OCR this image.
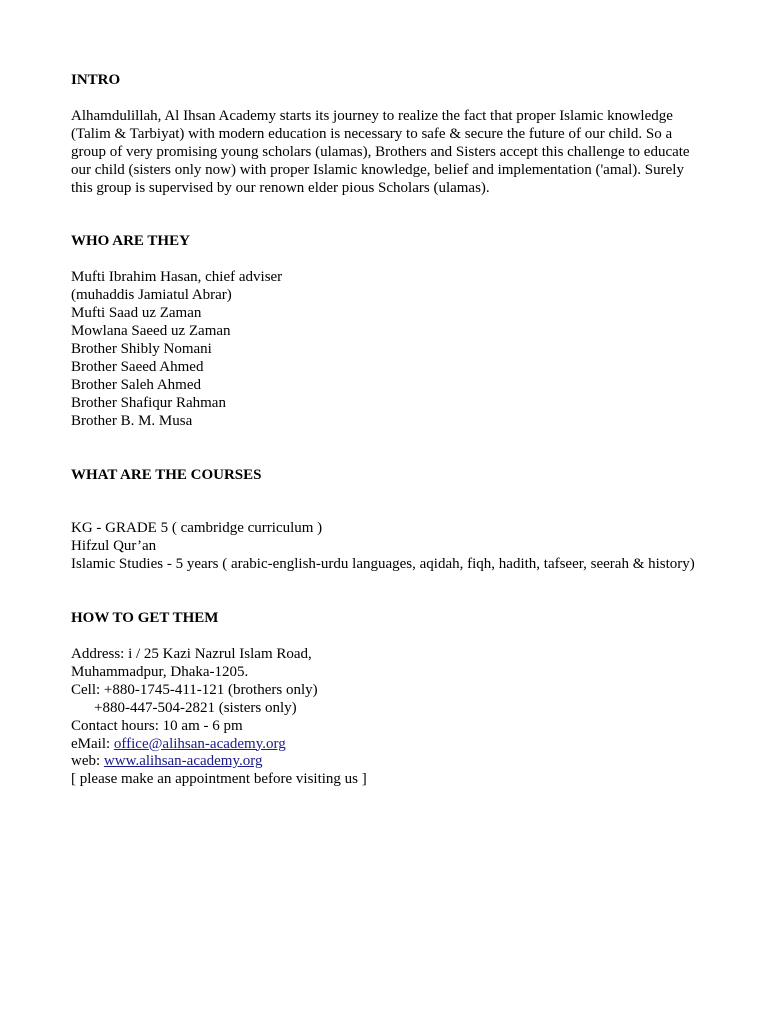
INTRO

Alhamdulillah, Al Ihsan Academy starts its journey to realize the fact that proper Islamic knowledge (Talim & Tarbiyat) with modern education is necessary to safe & secure the future of our child. So a group of very promising young scholars (ulamas), Brothers and Sisters accept this challenge to educate our child (sisters only now) with proper Islamic knowledge, belief and implementation ('amal). Surely this group is supervised by our renown elder pious Scholars (ulamas).

WHO ARE THEY

Mufti Ibrahim Hasan, chief adviser
(muhaddis Jamiatul Abrar)
Mufti Saad uz Zaman
Mowlana Saeed uz Zaman
Brother Shibly Nomani
Brother Saeed Ahmed
Brother Saleh Ahmed
Brother Shafiqur Rahman
Brother B. M. Musa

WHAT ARE THE COURSES

KG - GRADE 5 ( cambridge curriculum )
Hifzul Qur’an
Islamic Studies - 5 years ( arabic-english-urdu languages, aqidah, fiqh, hadith, tafseer, seerah & history)

HOW TO GET THEM

Address: i / 25 Kazi Nazrul Islam Road,
Muhammadpur, Dhaka-1205.
Cell: +880-1745-411-121 (brothers only)
+880-447-504-2821 (sisters only)
Contact hours: 10 am - 6 pm
eMail: office@alihsan-academy.org
web: www.alihsan-academy.org
[ please make an appointment before visiting us ]
